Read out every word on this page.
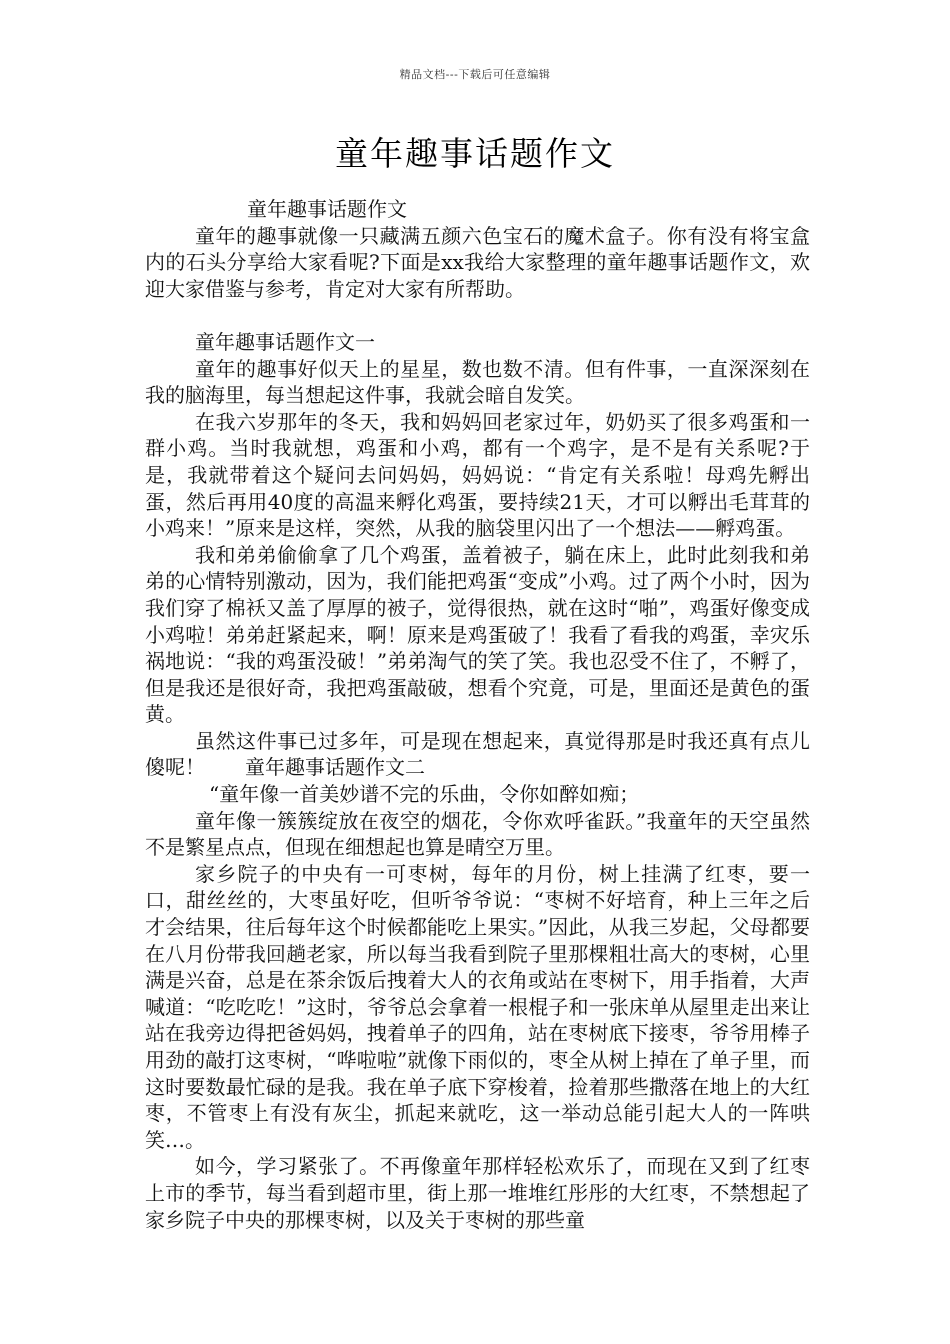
精品文档---下载后可任意编辑
童年趣事话题作文

童年趣事话题作文

童年的趣事就像一只藏满五颜六色宝石的魔术盒子。你有没有将宝盒内的石头分享给大家看呢?下面是xx我给大家整理的童年趣事话题作文，欢迎大家借鉴与参考，肯定对大家有所帮助。

童年趣事话题作文一

童年的趣事好似天上的星星，数也数不清。但有件事，一直深深刻在我的脑海里，每当想起这件事，我就会暗自发笑。

在我六岁那年的冬天，我和妈妈回老家过年，奶奶买了很多鸡蛋和一群小鸡。当时我就想，鸡蛋和小鸡，都有一个鸡字，是不是有关系呢?于是，我就带着这个疑问去问妈妈，妈妈说：“肯定有关系啦！母鸡先孵出蛋，然后再用40度的高温来孵化鸡蛋，要持续21天，才可以孵出毛茸茸的小鸡来！”原来是这样，突然，从我的脑袋里闪出了一个想法——孵鸡蛋。

我和弟弟偷偷拿了几个鸡蛋，盖着被子，躺在床上，此时此刻我和弟弟的心情特别激动，因为，我们能把鸡蛋“变成”小鸡。过了两个小时，因为我们穿了棉袄又盖了厚厚的被子，觉得很热，就在这时“啪”，鸡蛋好像变成小鸡啦！弟弟赶紧起来，啊！原来是鸡蛋破了！我看了看我的鸡蛋，幸灾乐祸地说：“我的鸡蛋没破！”弟弟淘气的笑了笑。我也忍受不住了，不孵了，但是我还是很好奇，我把鸡蛋敲破，想看个究竟，可是，里面还是黄色的蛋黄。

虽然这件事已过多年，可是现在想起来，真觉得那是时我还真有点儿傻呢！ 童年趣事话题作文二

“童年像一首美妙谱不完的乐曲，令你如醉如痴；

童年像一簇簇绽放在夜空的烟花，令你欢呼雀跃。”我童年的天空虽然不是繁星点点，但现在细想起也算是晴空万里。

家乡院子的中央有一可枣树，每年的月份，树上挂满了红枣，要一口，甜丝丝的，大枣虽好吃，但听爷爷说：“枣树不好培育，种上三年之后才会结果，往后每年这个时候都能吃上果实。”因此，从我三岁起，父母都要在八月份带我回趟老家，所以每当我看到院子里那棵粗壮高大的枣树，心里满是兴奋，总是在茶余饭后拽着大人的衣角或站在枣树下，用手指着，大声喊道：“吃吃吃！”这时，爷爷总会拿着一根棍子和一张床单从屋里走出来让站在我旁边得把爸妈妈，拽着单子的四角，站在枣树底下接枣，爷爷用棒子用劲的敲打这枣树，“哗啦啦”就像下雨似的，枣全从树上掉在了单子里，而这时要数最忙碌的是我。我在单子底下穿梭着，捡着那些撒落在地上的大红枣，不管枣上有没有灰尘，抓起来就吃，这一举动总能引起大人的一阵哄笑…。

如今，学习紧张了。不再像童年那样轻松欢乐了，而现在又到了红枣上市的季节，每当看到超市里，街上那一堆堆红彤彤的大红枣，不禁想起了家乡院子中央的那棵枣树，以及关于枣树的那些童
